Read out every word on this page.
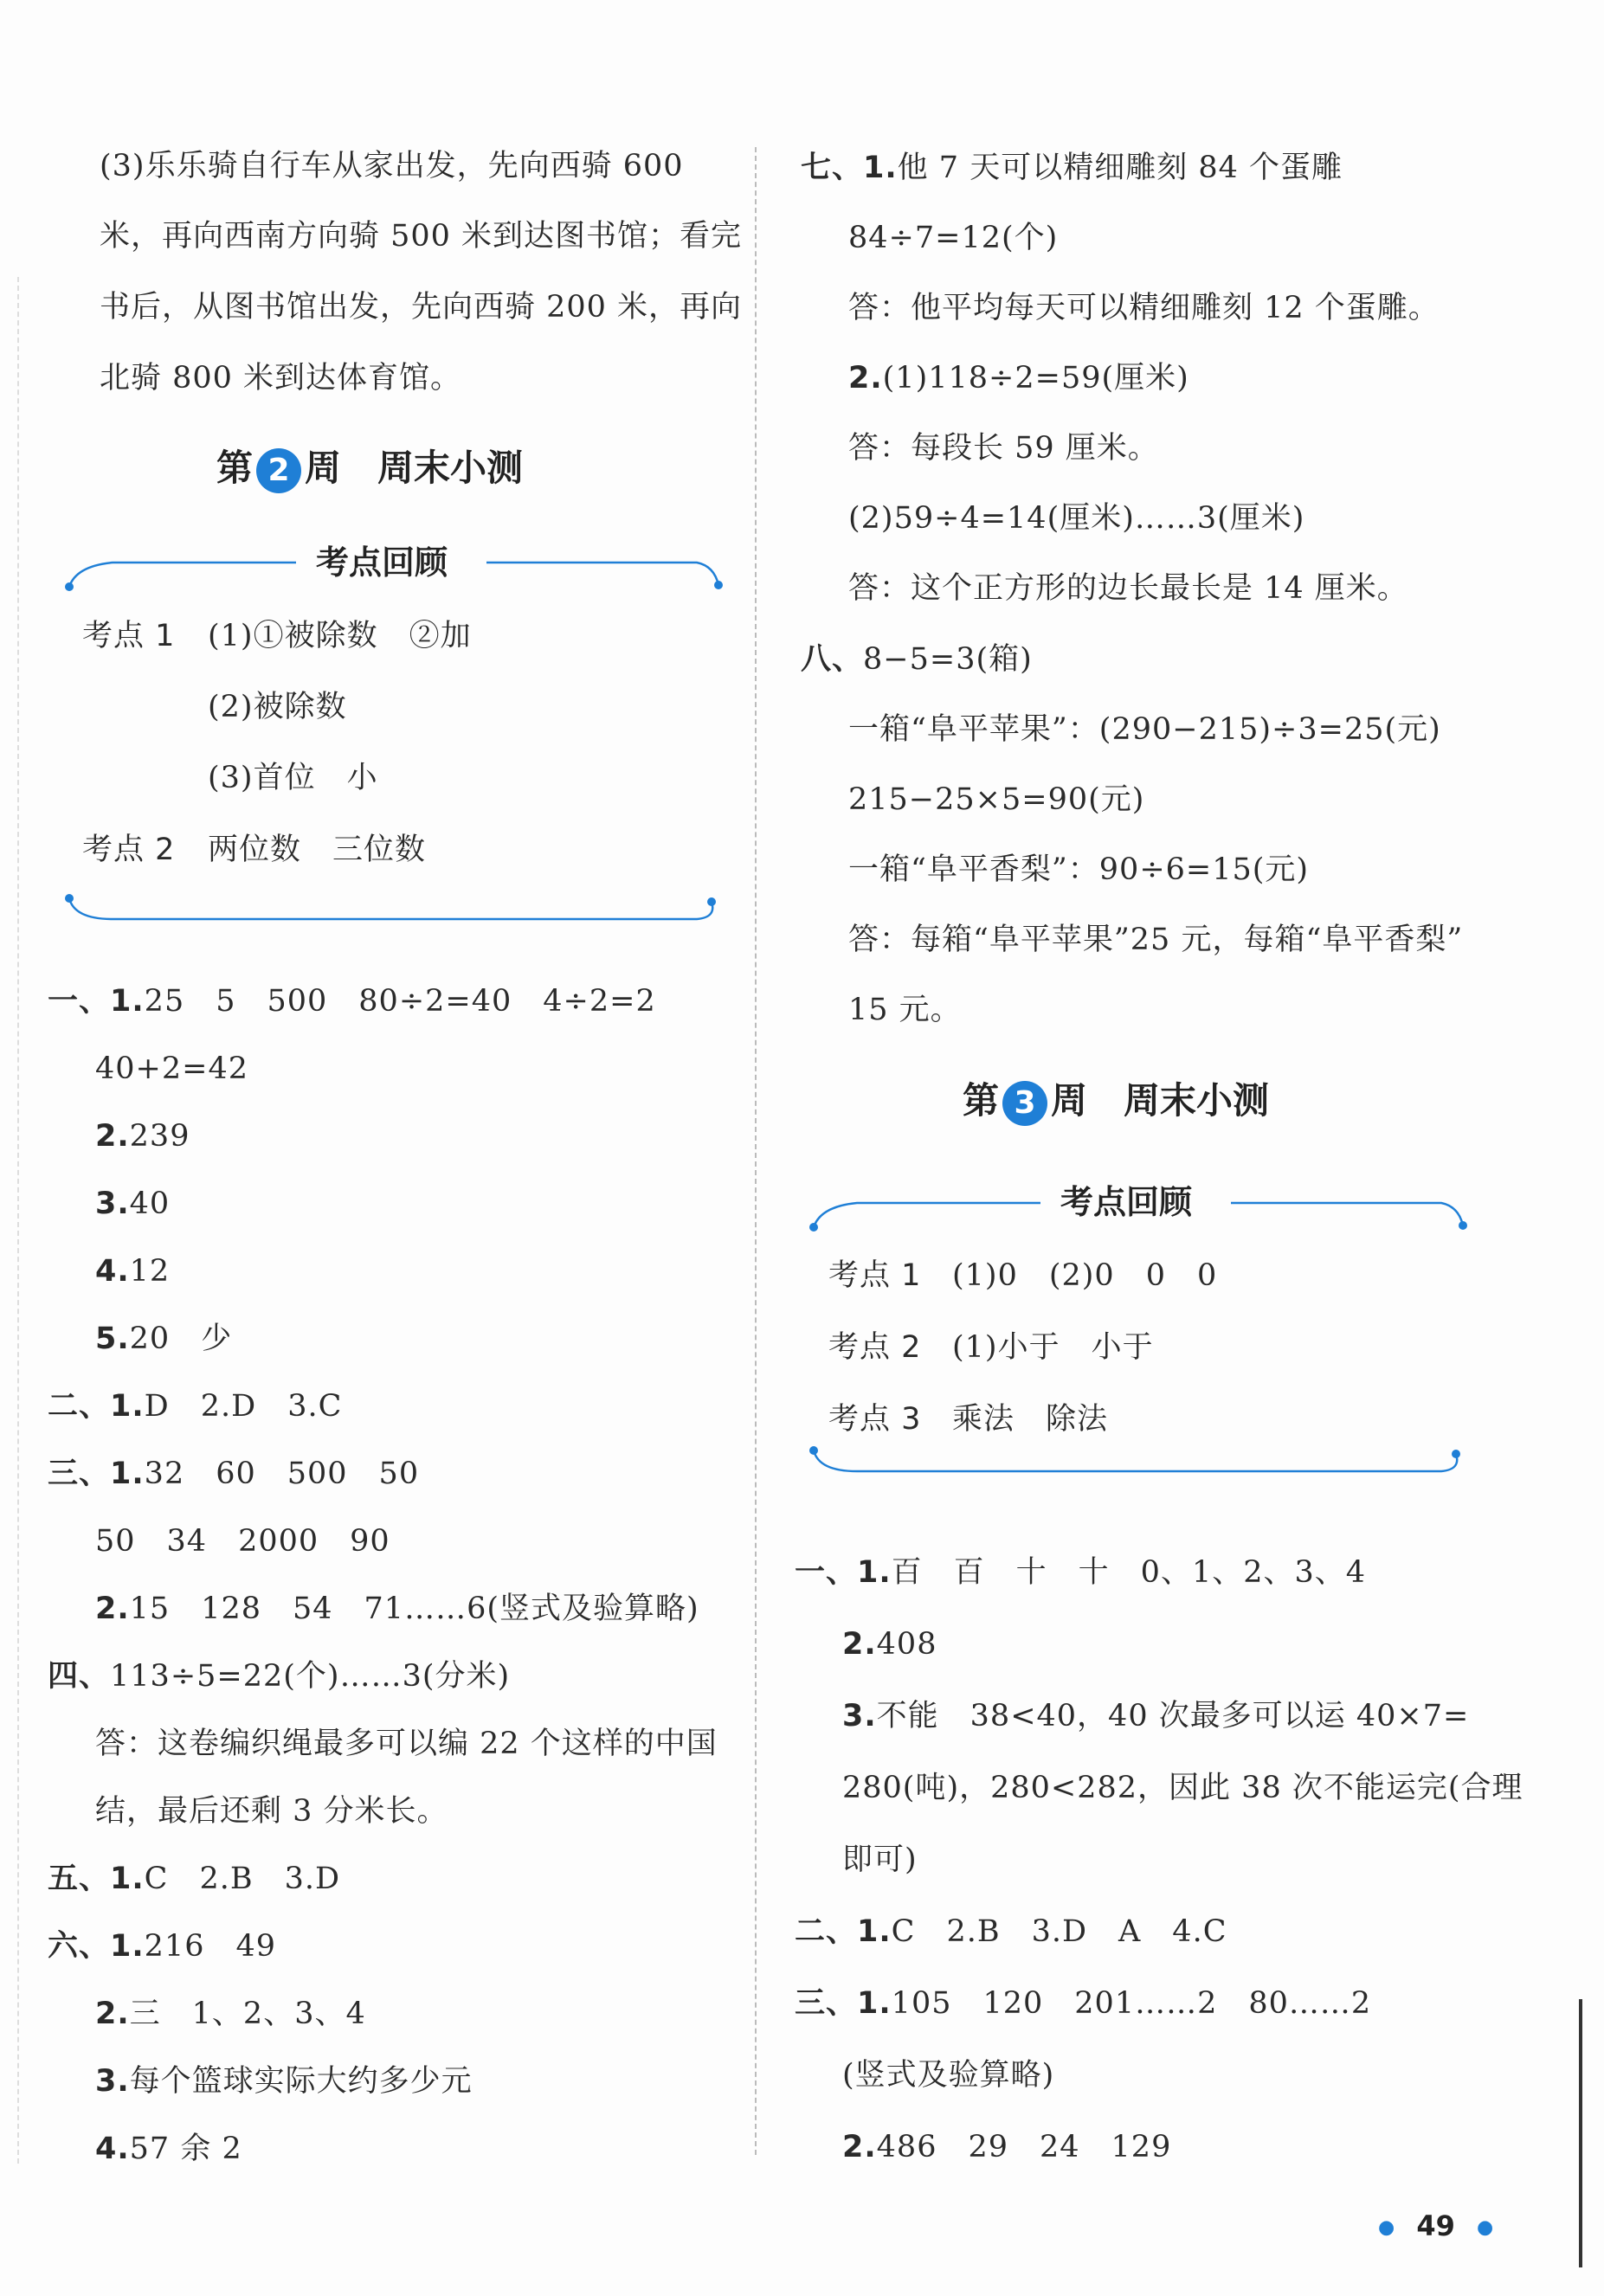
(3)乐乐骑自行车从家出发，先向西骑 600
米，再向西南方向骑 500 米到达图书馆；看完
书后，从图书馆出发，先向西骑 200 米，再向
北骑 800 米到达体育馆。
第 2 周　周末小测
考点回顾
考点 1 (1)①被除数　②加
(2)被除数
(3)首位　小
考点 2 两位数　三位数
一、1.25　5　500　80÷2=40　4÷2=2
40+2=42
2.239
3.40
4.12
5.20　少
二、1.D　2.D　3.C
三、1.32　60　500　50
50　34　2000　90
2.15　128　54　71……6(竖式及验算略)
四、113÷5=22(个)……3(分米)
答：这卷编织绳最多可以编 22 个这样的中国
结，最后还剩 3 分米长。
五、1.C　2.B　3.D
六、1.216　49
2.三　1、2、3、4
3.每个篮球实际大约多少元
4.57 余 2
七、1.他 7 天可以精细雕刻 84 个蛋雕
84÷7=12(个)
答：他平均每天可以精细雕刻 12 个蛋雕。
2.(1)118÷2=59(厘米)
答：每段长 59 厘米。
(2)59÷4=14(厘米)……3(厘米)
答：这个正方形的边长最长是 14 厘米。
八、8−5=3(箱)
一箱“阜平苹果”：(290−215)÷3=25(元)
215−25×5=90(元)
一箱“阜平香梨”：90÷6=15(元)
答：每箱“阜平苹果”25 元，每箱“阜平香梨”
15 元。
第 3 周　周末小测
考点回顾
考点 1 (1)0　(2)0　0　0
考点 2 (1)小于　小于
考点 3 乘法　除法
一、1.百　百　十　十　0、1、2、3、4
2.408
3.不能　38<40，40 次最多可以运 40×7=
280(吨)，280<282，因此 38 次不能运完(合理
即可)
二、1.C　2.B　3.D　A　4.C
三、1.105　120　201……2　80……2
(竖式及验算略)
2.486　29　24　129
● 49 ●
